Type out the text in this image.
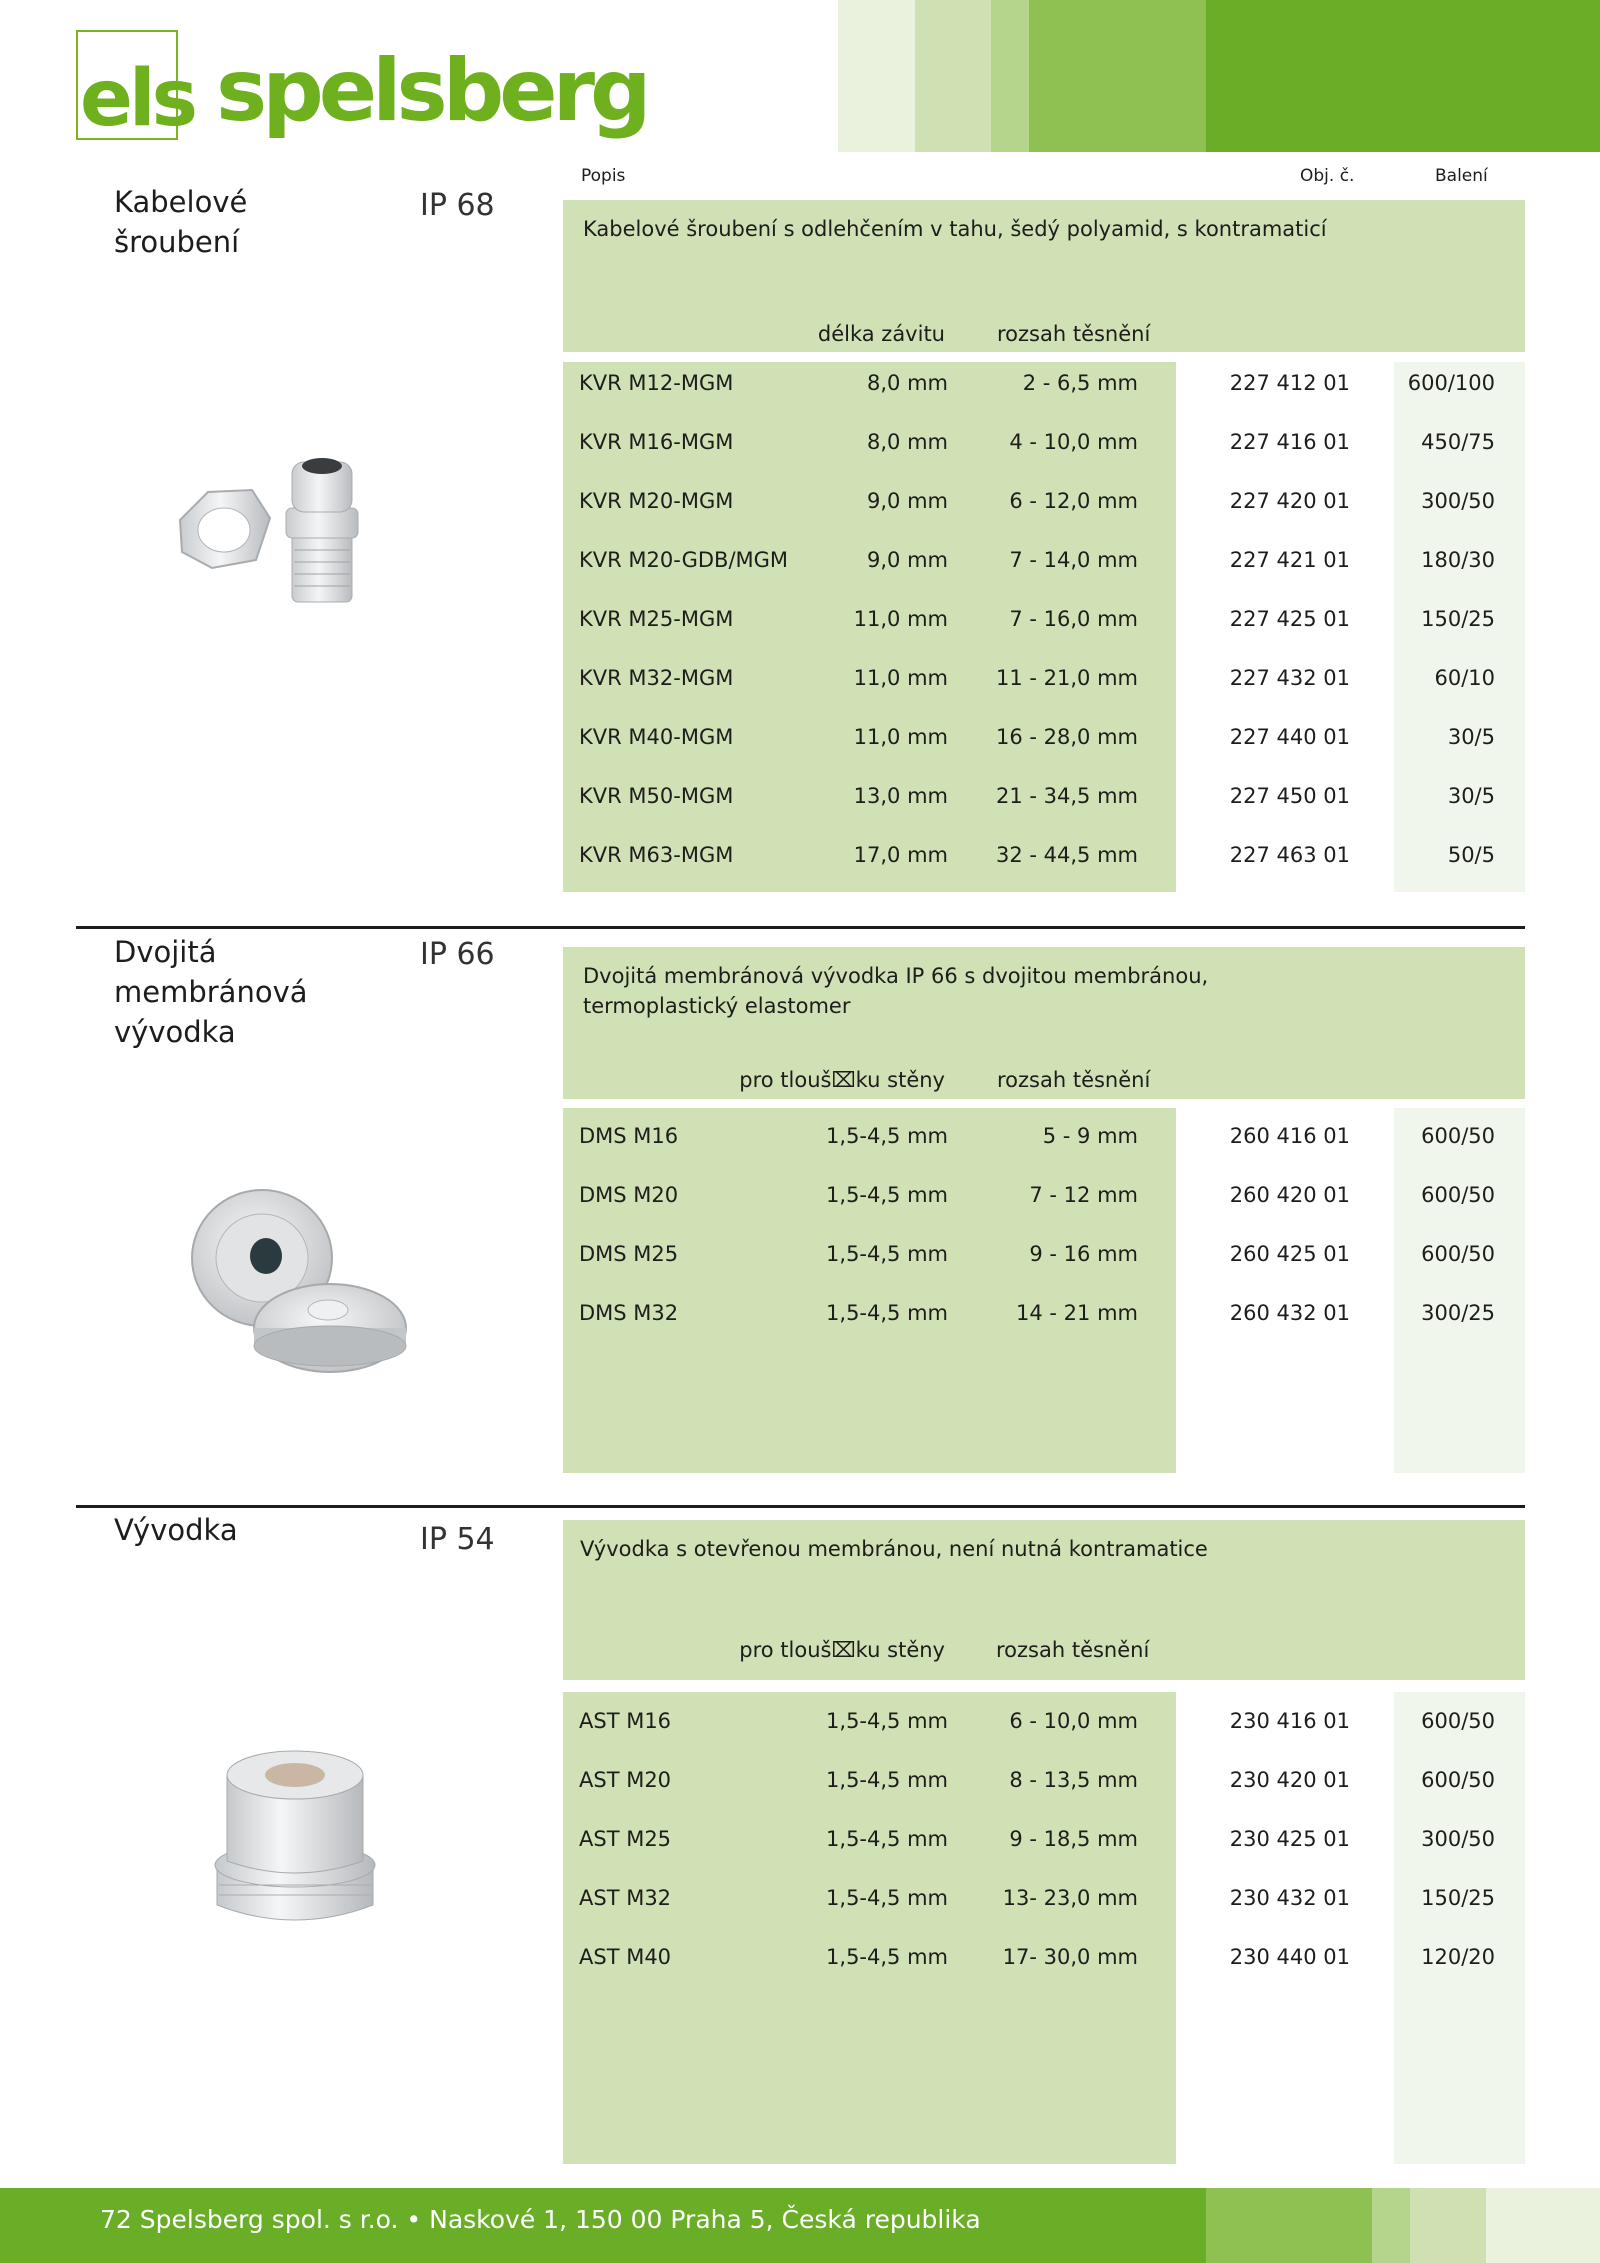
els spelsberg
Popis	Obj. č.	Balení
Kabelové šroubení
IP 68
Kabelové šroubení s odlehčením v tahu, šedý polyamid, s kontramaticí
délka závitu rozsah těsnění
KVR M12-MGM	8,0 mm	2 - 6,5 mm	227 412 01	600/100
KVR M16-MGM	8,0 mm	4 - 10,0 mm	227 416 01	450/75
KVR M20-MGM	9,0 mm	6 - 12,0 mm	227 420 01	300/50
KVR M20-GDB/MGM	9,0 mm	7 - 14,0 mm	227 421 01	180/30
KVR M25-MGM	11,0 mm	7 - 16,0 mm	227 425 01	150/25
KVR M32-MGM	11,0 mm 11 - 21,0 mm	227 432 01	60/10
KVR M40-MGM	11,0 mm 16 - 28,0 mm	227 440 01	30/5
KVR M50-MGM	13,0 mm 21 - 34,5 mm	227 450 01	30/5
KVR M63-MGM	17,0 mm 32 - 44,5 mm	227 463 01	50/5
Dvojitá membránová vývodka
IP 66
Dvojitá membránová vývodka IP 66 s dvojitou membránou, termoplastický elastomer
pro tlouš⌧ku stěny rozsah těsnění
DMS M16	1,5-4,5 mm	5 - 9 mm	260 416 01	600/50
DMS M20	1,5-4,5 mm	7 - 12 mm	260 420 01	600/50
DMS M25	1,5-4,5 mm	9 - 16 mm	260 425 01	600/50
DMS M32	1,5-4,5 mm	14 - 21 mm	260 432 01	300/25
Vývodka	IP 54	Vývodka s otevřenou membránou, není nutná kontramatice
pro tlouš⌧ku stěny rozsah těsnění
AST M16	1,5-4,5 mm	6 - 10,0 mm	230 416 01	600/50
AST M20	1,5-4,5 mm	8 - 13,5 mm	230 420 01	600/50
AST M25	1,5-4,5 mm	9 - 18,5 mm	230 425 01	300/50
AST M32	1,5-4,5 mm	13- 23,0 mm	230 432 01	150/25
AST M40	1,5-4,5 mm	17- 30,0 mm	230 440 01	120/20
72 Spelsberg spol. s r.o. • Naskové 1, 150 00 Praha 5, Česká republika
